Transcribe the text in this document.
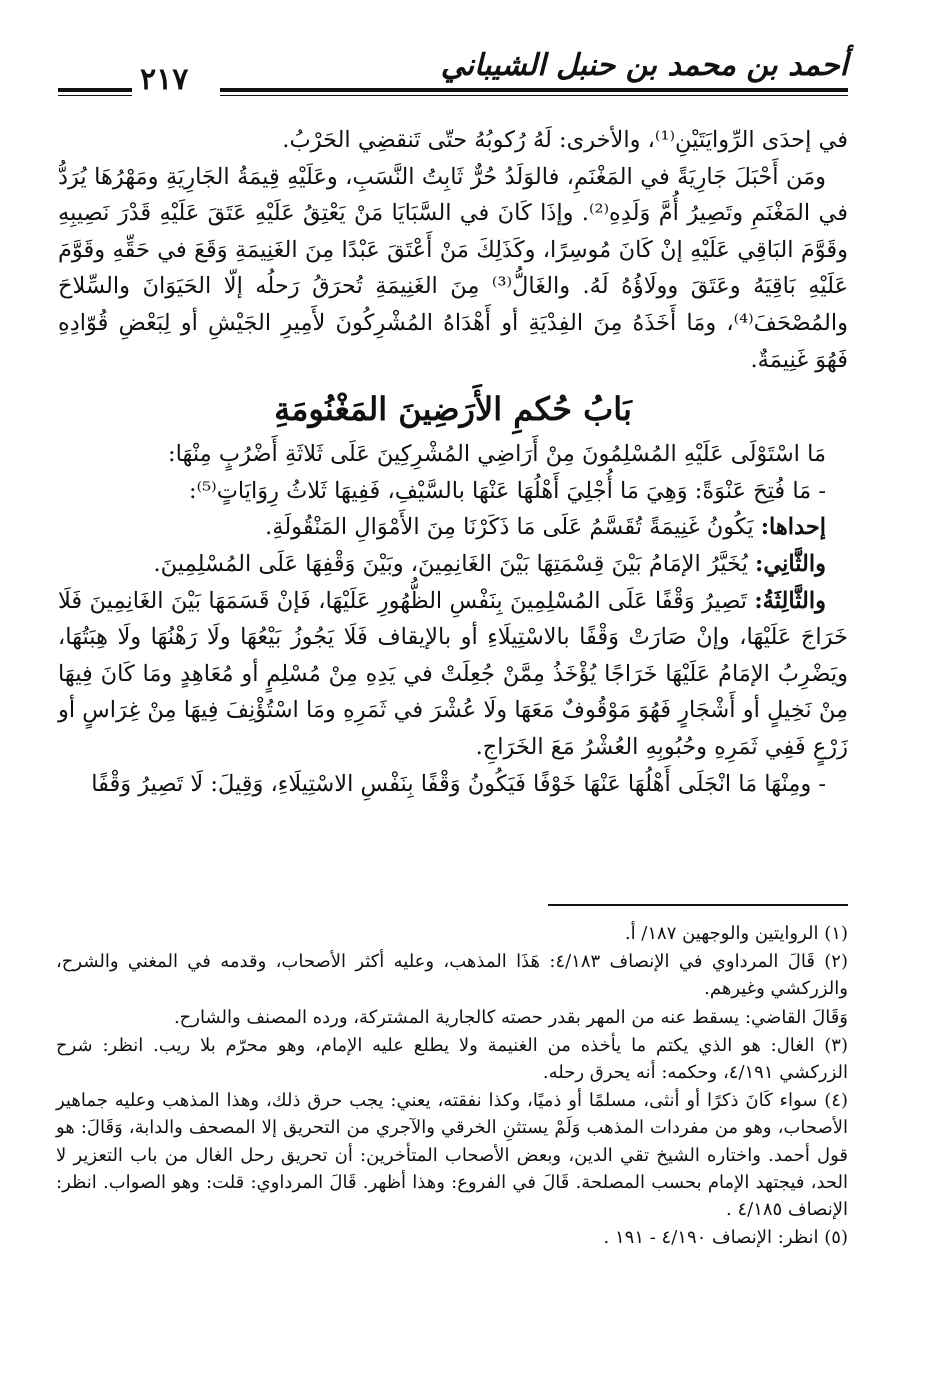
أحمد بن محمد بن حنبل الشيباني
٢١٧

في إحدَى الرِّوايَتَيْنِ⁽¹⁾، والأخرى: لَهُ رُكوبُهُ حتّى تَنقضِي الحَرْبُ.

ومَن أَحْبَلَ جَارِيَةً في المَغْنَمِ، فالوَلَدُ حُرٌّ ثَابِتُ النَّسَبِ، وعَلَيْهِ قِيمَةُ الجَارِيَةِ ومَهْرُهَا يُرَدُّ في المَغْنَمِ وتَصِيرُ أُمَّ وَلَدِهِ⁽²⁾. وإذَا كَانَ في السَّبَايَا مَنْ يَعْتِقُ عَلَيْهِ عَتَقَ عَلَيْهِ قَدْرَ نَصِيبِهِ وقَوَّمَ البَاقِي عَلَيْهِ إنْ كَانَ مُوسِرًا، وكَذَلِكَ مَنْ أَعْتَقَ عَبْدًا مِنَ الغَنِيمَةِ وَقَعَ في حَقِّهِ وقَوَّمَ عَلَيْهِ بَاقِيَهُ وعَتَقَ وولَاؤُهُ لَهُ. والغَالُّ⁽³⁾ مِنَ الغَنِيمَةِ تُحرَقُ رَحلُه إلّا الحَيَوَانَ والسِّلاحَ والمُصْحَفَ⁽⁴⁾، ومَا أَخَذَهُ مِنَ الفِدْيَةِ أو أَهْدَاهُ المُشْرِكُونَ لأَمِيرِ الجَيْشِ أو لِبَعْضِ قُوّادِهِ فَهُوَ غَنِيمَةٌ.

بَابُ حُكمِ الأَرَضِينَ المَغْنُومَةِ

مَا اسْتَوْلَى عَلَيْهِ المُسْلِمُونَ مِنْ أَرَاضِي المُشْرِكِينَ عَلَى ثَلاثَةِ أَضْرُبٍ مِنْهَا:

- مَا فُتِحَ عَنْوَةً: وَهِيَ مَا أُجْلِيَ أَهْلُهَا عَنْهَا بالسَّيْفِ، فَفِيهَا ثَلاثُ رِوَايَاتٍ⁽⁵⁾:

إحداها: يَكُونُ غَنِيمَةً تُقَسَّمُ عَلَى مَا ذَكَرْنَا مِنَ الأَمْوَالِ المَنْقُولَةِ.

والثَّانِي: يُخَيَّرُ الإمَامُ بَيْنَ قِسْمَتِهَا بَيْنَ الغَانِمِينَ، وبَيْنَ وَقْفِهَا عَلَى المُسْلِمِينَ.

والثَّالِثَةُ: تَصِيرُ وَقْفًا عَلَى المُسْلِمِينَ بِنَفْسِ الظُّهُورِ عَلَيْهَا، فَإنْ قَسَمَهَا بَيْنَ الغَانِمِينَ فَلَا خَرَاجَ عَلَيْهَا، وإنْ صَارَتْ وَقْفًا بالاسْتِيلَاءِ أو بالإيقاف فَلَا يَجُوزُ بَيْعُهَا ولَا رَهْنُهَا ولَا هِبَتُهَا، ويَضْرِبُ الإمَامُ عَلَيْهَا خَرَاجًا يُؤْخَذُ مِمَّنْ جُعِلَتْ في يَدِهِ مِنْ مُسْلِمٍ أو مُعَاهِدٍ ومَا كَانَ فِيهَا مِنْ نَخِيلٍ أو أَشْجَارٍ فَهُوَ مَوْقُوفٌ مَعَهَا ولَا عُشْرَ في ثَمَرِهِ ومَا اسْتُؤْنِفَ فِيهَا مِنْ غِرَاسٍ أو زَرْعٍ فَفِي ثَمَرِهِ وحُبُوبِهِ العُشْرُ مَعَ الخَرَاجِ.

- ومِنْهَا مَا انْجَلَى أَهْلُهَا عَنْهَا خَوْفًا فَيَكُونُ وَقْفًا بِنَفْسِ الاسْتِيلَاءِ، وَقِيلَ: لَا تَصِيرُ وَقْفًا

(١) الروايتين والوجهين ١٨٧/ أ.

(٢) قَالَ المرداوي في الإنصاف ٤/١٨٣: هَذَا المذهب، وعليه أكثر الأصحاب، وقدمه في المغني والشرح، والزركشي وغيرهم.

وَقَالَ القاضي: يسقط عنه من المهر بقدر حصته كالجارية المشتركة، ورده المصنف والشارح.

(٣) الغال: هو الذي يكتم ما يأخذه من الغنيمة ولا يطلع عليه الإمام، وهو محرّم بلا ريب. انظر: شرح الزركشي ٤/١٩١، وحكمه: أنه يحرق رحله.

(٤) سواء كَانَ ذكرًا أو أنثى، مسلمًا أو ذميًا، وكذا نفقته، يعني: يجب حرق ذلك، وهذا المذهب وعليه جماهير الأصحاب، وهو من مفردات المذهب وَلَمْ يستثنِ الخرقي والآجري من التحريق إلا المصحف والدابة، وَقَالَ: هو قول أحمد. واختاره الشيخ تقي الدين، وبعض الأصحاب المتأخرين: أن تحريق رحل الغال من باب التعزير لا الحد، فيجتهد الإمام بحسب المصلحة. قَالَ في الفروع: وهذا أظهر. قَالَ المرداوي: قلت: وهو الصواب. انظر: الإنصاف ٤/١٨٥ .

(٥) انظر: الإنصاف ٤/١٩٠ - ١٩١ .
